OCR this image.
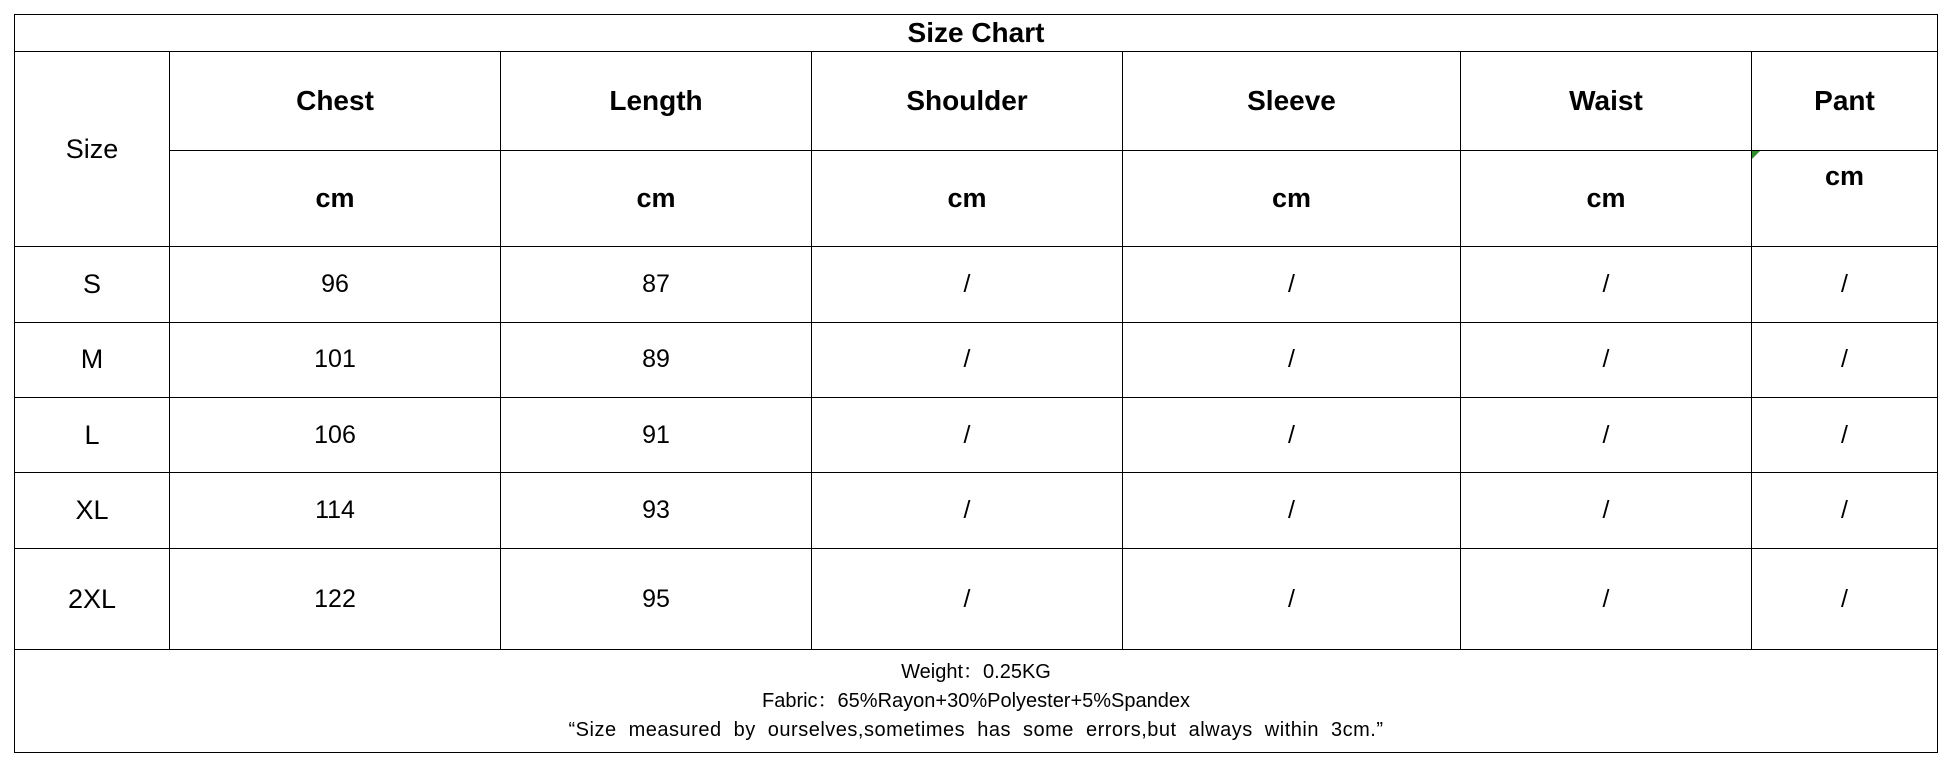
Size Chart						
Size	Chest	Length	Shoulder	Sleeve	Waist	Pant
	cm	cm	cm	cm	cm	cm
S	96	87	/	/	/	/
M	101	89	/	/	/	/
L	106	91	/	/	/	/
XL	114	93	/	/	/	/
2XL	122	95	/	/	/	/

Weight：0.25KG
Fabric：65%Rayon+30%Polyester+5%Spandex
“Size measured by ourselves,sometimes has some errors,but always within 3cm.”						
